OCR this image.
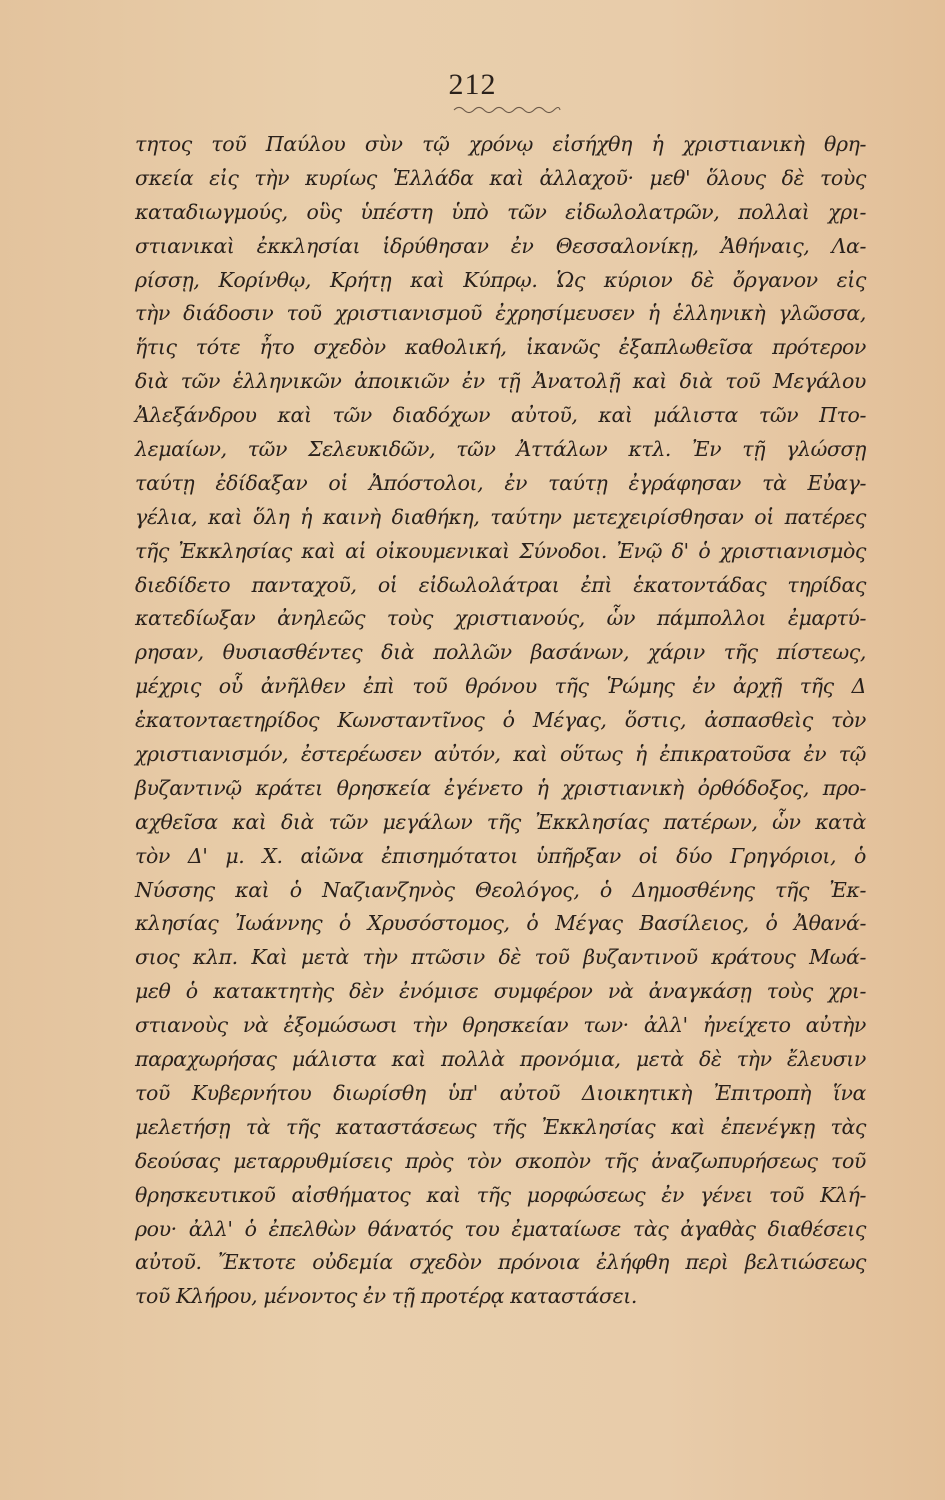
212
τητος τοῦ Παύλου σὺν τῷ χρόνῳ εἰσήχθη ἡ χριστιανικὴ θρη-
σκεία εἰς τὴν κυρίως Ἑλλάδα καὶ ἀλλαχοῦ· μεθ' ὅλους δὲ τοὺς
καταδιωγμούς, οὓς ὑπέστη ὑπὸ τῶν εἰδωλολατρῶν, πολλαὶ χρι-
στιανικαὶ ἐκκλησίαι ἱδρύθησαν ἐν Θεσσαλονίκῃ, Ἀθήναις, Λα-
ρίσσῃ, Κορίνθῳ, Κρήτῃ καὶ Κύπρῳ. Ὡς κύριον δὲ ὄργανον εἰς
τὴν διάδοσιν τοῦ χριστιανισμοῦ ἐχρησίμευσεν ἡ ἑλληνικὴ γλῶσσα,
ἥτις τότε ἦτο σχεδὸν καθολική, ἱκανῶς ἐξαπλωθεῖσα πρότερον
διὰ τῶν ἑλληνικῶν ἀποικιῶν ἐν τῇ Ἀνατολῇ καὶ διὰ τοῦ Μεγάλου
Ἀλεξάνδρου καὶ τῶν διαδόχων αὐτοῦ, καὶ μάλιστα τῶν Πτο-
λεμαίων, τῶν Σελευκιδῶν, τῶν Ἀττάλων κτλ. Ἐν τῇ γλώσσῃ
ταύτῃ ἐδίδαξαν οἱ Ἀπόστολοι, ἐν ταύτῃ ἐγράφησαν τὰ Εὐαγ-
γέλια, καὶ ὅλη ἡ καινὴ διαθήκη, ταύτην μετεχειρίσθησαν οἱ πατέρες
τῆς Ἐκκλησίας καὶ αἱ οἰκουμενικαὶ Σύνοδοι. Ἐνῷ δ' ὁ χριστιανισμὸς
διεδίδετο πανταχοῦ, οἱ εἰδωλολάτραι ἐπὶ ἑκατοντάδας τηρίδας
κατεδίωξαν ἀνηλεῶς τοὺς χριστιανούς, ὧν πάμπολλοι ἐμαρτύ-
ρησαν, θυσιασθέντες διὰ πολλῶν βασάνων, χάριν τῆς πίστεως,
μέχρις οὗ ἀνῆλθεν ἐπὶ τοῦ θρόνου τῆς Ῥώμης ἐν ἀρχῇ τῆς Δ
ἑκατονταετηρίδος Κωνσταντῖνος ὁ Μέγας, ὅστις, ἀσπασθεὶς τὸν
χριστιανισμόν, ἐστερέωσεν αὐτόν, καὶ οὕτως ἡ ἐπικρατοῦσα ἐν τῷ
βυζαντινῷ κράτει θρησκεία ἐγένετο ἡ χριστιανικὴ ὀρθόδοξος, προ-
αχθεῖσα καὶ διὰ τῶν μεγάλων τῆς Ἐκκλησίας πατέρων, ὧν κατὰ
τὸν Δ' μ. Χ. αἰῶνα ἐπισημότατοι ὑπῆρξαν οἱ δύο Γρηγόριοι, ὁ
Νύσσης καὶ ὁ Ναζιανζηνὸς Θεολόγος, ὁ Δημοσθένης τῆς Ἐκ-
κλησίας Ἰωάννης ὁ Χρυσόστομος, ὁ Μέγας Βασίλειος, ὁ Ἀθανά-
σιος κλπ. Καὶ μετὰ τὴν πτῶσιν δὲ τοῦ βυζαντινοῦ κράτους Μωά-
μεθ ὁ κατακτητὴς δὲν ἐνόμισε συμφέρον νὰ ἀναγκάσῃ τοὺς χρι-
στιανοὺς νὰ ἐξομώσωσι τὴν θρησκείαν των· ἀλλ' ἠνείχετο αὐτὴν
παραχωρήσας μάλιστα καὶ πολλὰ προνόμια, μετὰ δὲ τὴν ἔλευσιν
τοῦ Κυβερνήτου διωρίσθη ὑπ' αὐτοῦ Διοικητικὴ Ἐπιτροπὴ ἵνα
μελετήσῃ τὰ τῆς καταστάσεως τῆς Ἐκκλησίας καὶ ἐπενέγκῃ τὰς
δεούσας μεταρρυθμίσεις πρὸς τὸν σκοπὸν τῆς ἀναζωπυρήσεως τοῦ
θρησκευτικοῦ αἰσθήματος καὶ τῆς μορφώσεως ἐν γένει τοῦ Κλή-
ρου· ἀλλ' ὁ ἐπελθὼν θάνατός του ἐματαίωσε τὰς ἀγαθὰς διαθέσεις
αὐτοῦ. Ἔκτοτε οὐδεμία σχεδὸν πρόνοια ἐλήφθη περὶ βελτιώσεως
τοῦ Κλήρου, μένοντος ἐν τῇ προτέρᾳ καταστάσει.
